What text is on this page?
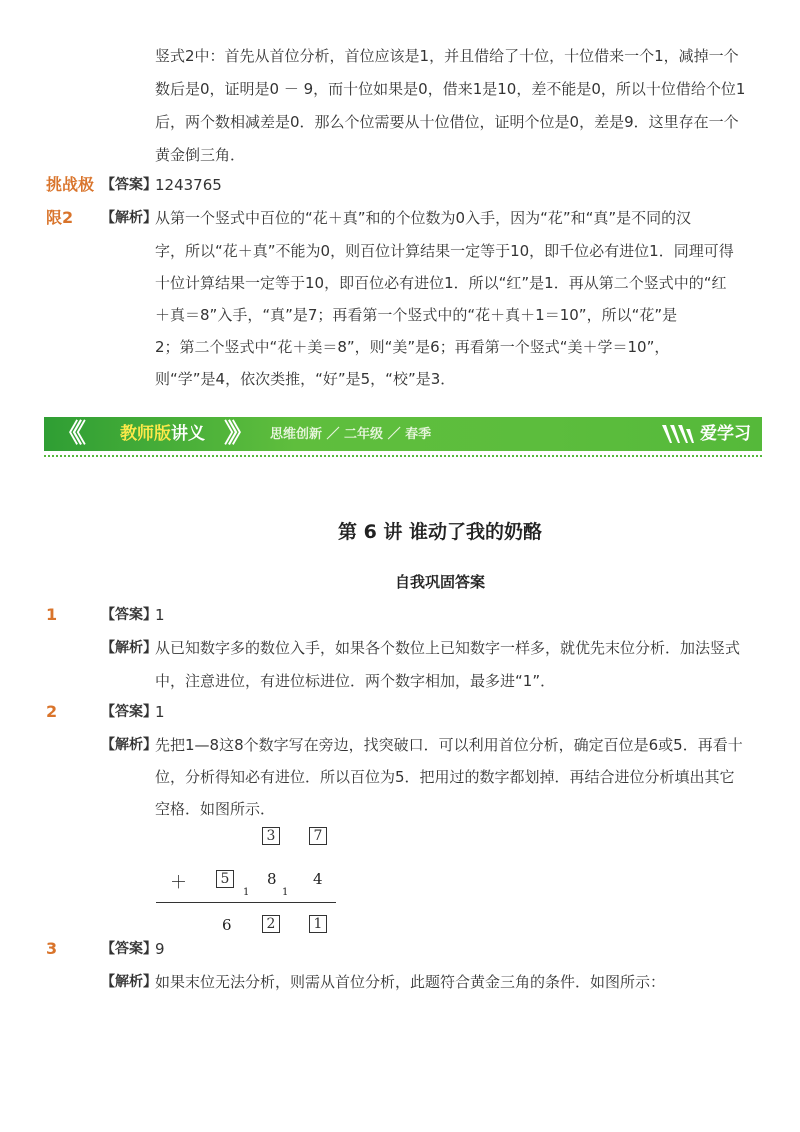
竖式2中：首先从首位分析，首位应该是1，并且借给了十位，十位借来一个1，减掉一个
数后是0，证明是0 － 9，而十位如果是0，借来1是10，差不能是0，所以十位借给个位1
后，两个数相减差是0．那么个位需要从十位借位，证明个位是0，差是9．这里存在一个
黄金倒三角．
挑战极
限2
【答案】
1243765
【解析】
从第一个竖式中百位的“花＋真”和的个位数为0入手，因为“花”和“真”是不同的汉
字，所以“花＋真”不能为0，则百位计算结果一定等于10，即千位必有进位1．同理可得
十位计算结果一定等于10，即百位必有进位1．所以“红”是1．再从第二个竖式中的“红
＋真＝8”入手，“真”是7；再看第一个竖式中的“花＋真＋1＝10”，所以“花”是
2；第二个竖式中“花＋美＝8”，则“美”是6；再看第一个竖式“美＋学＝10”，
则“学”是4，依次类推，“好”是5，“校”是3．
《《	教师版讲义 》》 思维创新 ／ 二年级 ／ 春季	爱学习
第 6 讲 谁动了我的奶酪
自我巩固答案
1	【答案】
1
【解析】
从已知数字多的数位入手，如果各个数位上已知数字一样多，就优先末位分析．加法竖式
中，注意进位，有进位标进位．两个数字相加，最多进“1”．
2	【答案】
1
【解析】
先把1—8这8个数字写在旁边，找突破口．可以利用首位分析，确定百位是6或5．再看十
位，分析得知必有进位．所以百位为5．把用过的数字都划掉．再结合进位分析填出其它
空格．如图所示．
3	7
＋	5	8 4
1	1
6	2	1
3	【答案】
9
【解析】
如果末位无法分析，则需从首位分析，此题符合黄金三角的条件．如图所示：
